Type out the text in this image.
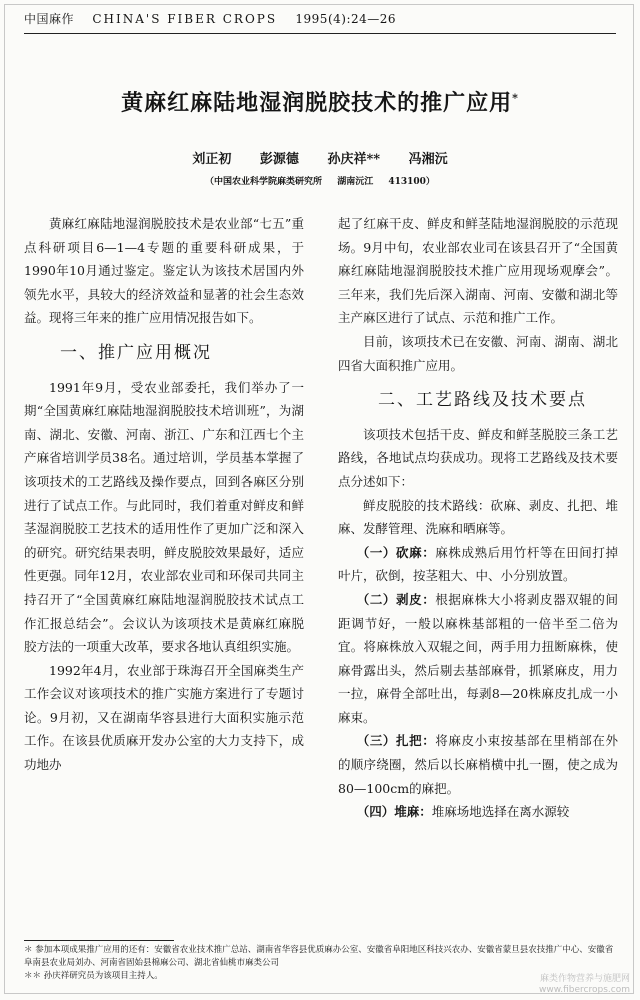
中国麻作 CHINA'S FIBER CROPS 1995(4):24—26
黄麻红麻陆地湿润脱胶技术的推广应用*
刘正初 彭源德 孙庆祥** 冯湘沅
（中国农业科学院麻类研究所 湖南沅江 413100）

黄麻红麻陆地湿润脱胶技术是农业部“七五”重点科研项目6—1—4专题的重要科研成果，于1990年10月通过鉴定。鉴定认为该技术居国内外领先水平，具较大的经济效益和显著的社会生态效益。现将三年来的推广应用情况报告如下。

一、推广应用概况

1991年9月，受农业部委托，我们举办了一期“全国黄麻红麻陆地湿润脱胶技术培训班”，为湖南、湖北、安徽、河南、浙江、广东和江西七个主产麻省培训学员38名。通过培训，学员基本掌握了该项技术的工艺路线及操作要点，回到各麻区分别进行了试点工作。与此同时，我们着重对鲜皮和鲜茎湿润脱胶工艺技术的适用性作了更加广泛和深入的研究。研究结果表明，鲜皮脱胶效果最好，适应性更强。同年12月，农业部农业司和环保司共同主持召开了“全国黄麻红麻陆地湿润脱胶技术试点工作汇报总结会”。会议认为该项技术是黄麻红麻脱胶方法的一项重大改革，要求各地认真组织实施。

1992年4月，农业部于珠海召开全国麻类生产工作会议对该项技术的推广实施方案进行了专题讨论。9月初，又在湖南华容县进行大面积实施示范工作。在该县优质麻开发办公室的大力支持下，成功地办

起了红麻干皮、鲜皮和鲜茎陆地湿润脱胶的示范现场。9月中旬，农业部农业司在该县召开了“全国黄麻红麻陆地湿润脱胶技术推广应用现场观摩会”。三年来，我们先后深入湖南、河南、安徽和湖北等主产麻区进行了试点、示范和推广工作。

目前，该项技术已在安徽、河南、湖南、湖北四省大面积推广应用。

二、工艺路线及技术要点

该项技术包括干皮、鲜皮和鲜茎脱胶三条工艺路线，各地试点均获成功。现将工艺路线及技术要点分述如下：

鲜皮脱胶的技术路线：砍麻、剥皮、扎把、堆麻、发酵管理、洗麻和晒麻等。

（一）砍麻：麻株成熟后用竹杆等在田间打掉叶片，砍倒，按茎粗大、中、小分别放置。

（二）剥皮：根据麻株大小将剥皮器双辊的间距调节好，一般以麻株基部粗的一倍半至二倍为宜。将麻株放入双辊之间，两手用力扭断麻株，使麻骨露出头，然后剔去基部麻骨，抓紧麻皮，用力一拉，麻骨全部吐出，每剥8—20株麻皮扎成一小麻束。

（三）扎把：将麻皮小束按基部在里梢部在外的顺序绕圈，然后以长麻梢横中扎一圈，使之成为80—100cm的麻把。

（四）堆麻：堆麻场地选择在离水源较

＊ 参加本项成果推广应用的还有：安徽省农业技术推广总站、湖南省华容县优质麻办公室、安徽省阜阳地区科技兴农办、安徽省蒙旦县农技推广中心、安徽省阜南县农业局刘办、河南省固始县棉麻公司、湖北省仙桃市麻类公司

＊＊ 孙庆祥研究员为该项目主持人。	麻类作物营养与施肥网
www.fibercrops.com
